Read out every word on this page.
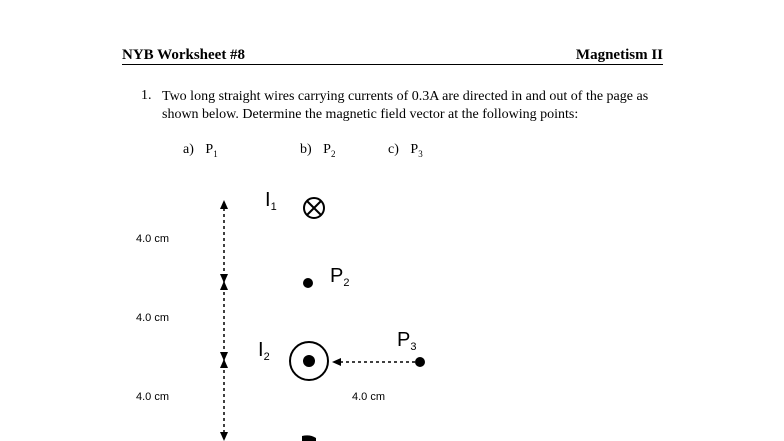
NYB Worksheet #8	Magnetism II
1. Two long straight wires carrying currents of 0.3A are directed in and out of the page as shown below. Determine the magnetic field vector at the following points:
a) $P_1$	b) $P_2$	c) $P_3$
4.0 cm
4.0 cm
4.0 cm	4.0 cm
$I_1$
$P_2$
$I_2$
$P_3$
